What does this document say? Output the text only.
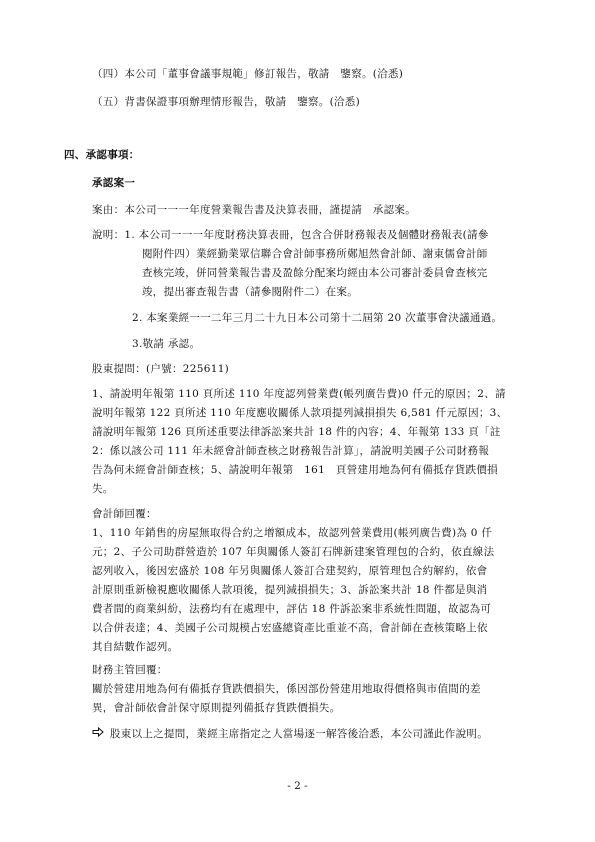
（四）本公司「董事會議事規範」修訂報告，敬請　鑒察。(洽悉)
（五）背書保證事項辦理情形報告，敬請　鑒察。(洽悉)
四、承認事項：
承認案一
案由：本公司一一一年度營業報告書及決算表冊，謹提請　承認案。
說明：1. 本公司一一一年度財務決算表冊，包含合併財務報表及個體財務報表(請參
閱附件四）業經勤業眾信聯合會計師事務所鄭旭然會計師、謝東儒會計師
查核完竣，併同營業報告書及盈餘分配案均經由本公司審計委員會查核完
竣，提出審查報告書（請參閱附件二）在案。
2. 本案業經一一二年三月二十九日本公司第十二屆第 20 次董事會決議通過。
3.敬請 承認。
股東提問：(户號：225611)
1、請說明年報第 110 頁所述 110 年度認列營業費(帳列廣告費)0 仟元的原因；2、請
說明年報第 122 頁所述 110 年度應收關係人款項提列減損損失 6,581 仟元原因；3、
請說明年報第 126 頁所述重要法律訴訟案共計 18 件的內容；4、年報第 133 頁「註
2：係以該公司 111 年未經會計師查核之財務報告計算」，請說明美國子公司財務報
告為何未經會計師查核；5、請說明年報第　161　頁營建用地為何有備抵存貨跌價損
失。
會計師回覆：
1、110 年銷售的房屋無取得合約之增額成本，故認列營業費用(帳列廣告費)為 0 仟
元；2、子公司助群營造於 107 年與關係人簽訂石牌新建案管理包的合約，依直線法
認列收入，後因宏盛於 108 年另與關係人簽訂合建契約，原管理包合約解約，依會
計原則重新檢視應收關係人款項後，提列減損損失；3、訴訟案共計 18 件都是與消
費者間的商業糾紛，法務均有在處理中，評估 18 件訴訟案非系統性問題，故認為可
以合併表達；4、美國子公司規模占宏盛總資產比重並不高，會計師在查核策略上依
其自結數作認列。
財務主管回覆：
關於營建用地為何有備抵存貨跌價損失，係因部份營建用地取得價格與市值間的差
異，會計師依會計保守原則提列備抵存貨跌價損失。
股東以上之提問，業經主席指定之人當場逐一解答後洽悉，本公司謹此作說明。
- 2 -
